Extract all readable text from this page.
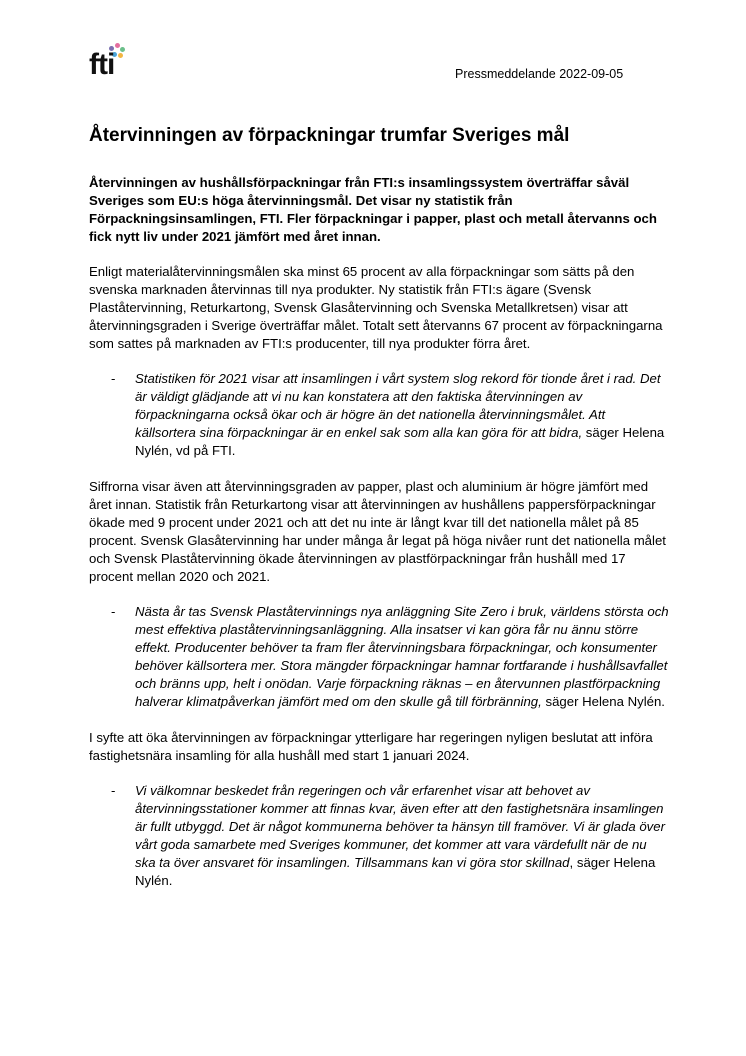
fti	Pressmeddelande 2022-09-05
Återvinningen av förpackningar trumfar Sveriges mål

Återvinningen av hushållsförpackningar från FTI:s insamlingssystem överträffar såväl Sveriges som EU:s höga återvinningsmål. Det visar ny statistik från Förpackningsinsamlingen, FTI. Fler förpackningar i papper, plast och metall återvanns och fick nytt liv under 2021 jämfört med året innan.

Enligt materialåtervinningsmålen ska minst 65 procent av alla förpackningar som sätts på den svenska marknaden återvinnas till nya produkter. Ny statistik från FTI:s ägare (Svensk Plaståtervinning, Returkartong, Svensk Glasåtervinning och Svenska Metallkretsen) visar att återvinningsgraden i Sverige överträffar målet. Totalt sett återvanns 67 procent av förpackningarna som sattes på marknaden av FTI:s producenter, till nya produkter förra året.

- Statistiken för 2021 visar att insamlingen i vårt system slog rekord för tionde året i rad. Det är väldigt glädjande att vi nu kan konstatera att den faktiska återvinningen av förpackningarna också ökar och är högre än det nationella återvinningsmålet. Att källsortera sina förpackningar är en enkel sak som alla kan göra för att bidra, säger Helena Nylén, vd på FTI.

Siffrorna visar även att återvinningsgraden av papper, plast och aluminium är högre jämfört med året innan. Statistik från Returkartong visar att återvinningen av hushållens pappersförpackningar ökade med 9 procent under 2021 och att det nu inte är långt kvar till det nationella målet på 85 procent. Svensk Glasåtervinning har under många år legat på höga nivåer runt det nationella målet och Svensk Plaståtervinning ökade återvinningen av plastförpackningar från hushåll med 17 procent mellan 2020 och 2021.

- Nästa år tas Svensk Plaståtervinnings nya anläggning Site Zero i bruk, världens största och mest effektiva plaståtervinningsanläggning. Alla insatser vi kan göra får nu ännu större effekt. Producenter behöver ta fram fler återvinningsbara förpackningar, och konsumenter behöver källsortera mer. Stora mängder förpackningar hamnar fortfarande i hushållsavfallet och bränns upp, helt i onödan. Varje förpackning räknas – en återvunnen plastförpackning halverar klimatpåverkan jämfört med om den skulle gå till förbränning, säger Helena Nylén.

I syfte att öka återvinningen av förpackningar ytterligare har regeringen nyligen beslutat att införa fastighetsnära insamling för alla hushåll med start 1 januari 2024.

- Vi välkomnar beskedet från regeringen och vår erfarenhet visar att behovet av återvinningsstationer kommer att finnas kvar, även efter att den fastighetsnära insamlingen är fullt utbyggd. Det är något kommunerna behöver ta hänsyn till framöver. Vi är glada över vårt goda samarbete med Sveriges kommuner, det kommer att vara värdefullt när de nu ska ta över ansvaret för insamlingen. Tillsammans kan vi göra stor skillnad, säger Helena Nylén.
